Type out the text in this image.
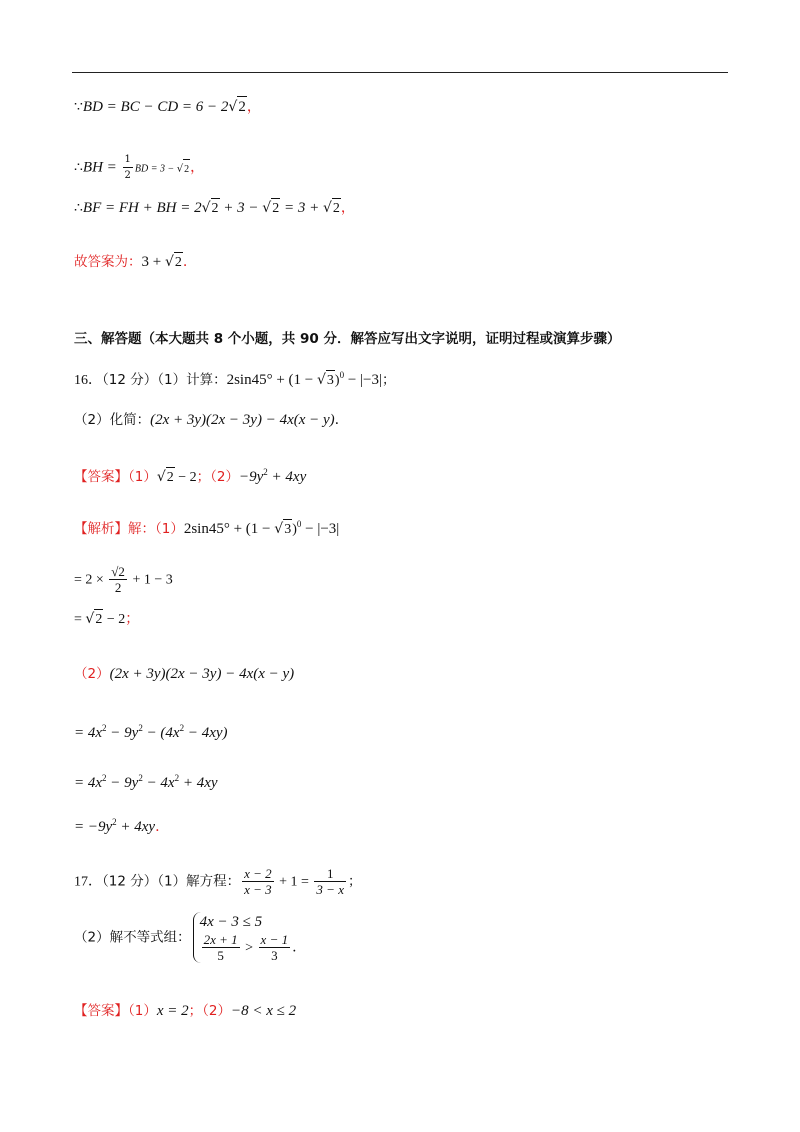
∵BD = BC − CD = 6 − 2√2，
∴BH = $\frac{1}{2}$ BD = 3 − √2，
∴BF = FH + BH = 2√2 + 3 − √2 = 3 + √2，
故答案为：3 + √2.
三、解答题（本大题共 8 个小题，共 90 分．解答应写出文字说明，证明过程或演算步骤）
16．（12 分）（1）计算：$2\sin 45^\circ + (1 - √3)^0 - |-3|$；
（2）化简：(2x + 3y)(2x − 3y) − 4x(x − y).
【答案】（1）√2 − 2；$(2)-9y^2 + 4xy$
【解析】解：$(1)2\sin 45^\circ + (1 - √3)^0 - |-3|$
= $2 \times \frac{√2}{2} + 1 - 3$
= √2 − 2；
（2）(2x + 3y)(2x − 3y) − 4x(x − y)
= $4x^2 - 9y^2 - (4x^2 - 4xy)$
= $4x^2 - 9y^2 - 4x^2 + 4xy$
= $-9y^2 + 4xy$.
17．（12 分）（1）解方程： $\frac{x - 2}{x - 3} + 1 = \frac{1}{3 - x}$ ；
（2）解不等式组：
4x − 3 ≤ 5
$\frac{2x + 1}{5} > \frac{x - 1}{3}$ .
【答案】（1）x = 2；（2）−8 < x ≤ 2
